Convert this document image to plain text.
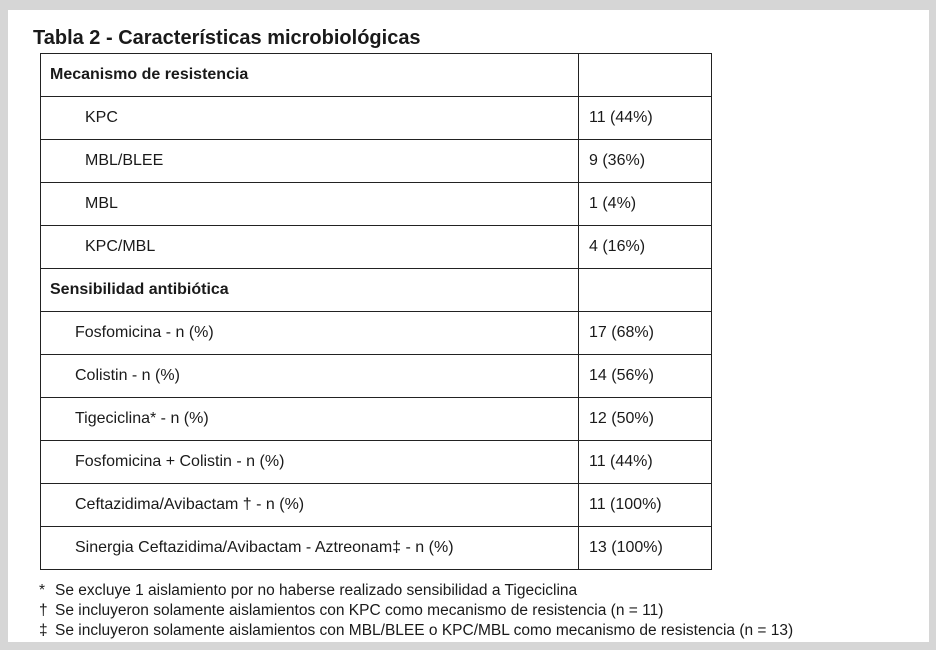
Tabla 2 - Características microbiológicas
Mecanismo de resistencia	
KPC	11 (44%)
MBL/BLEE	9 (36%)
MBL	1 (4%)
KPC/MBL	4 (16%)
Sensibilidad antibiótica	
Fosfomicina - n (%)	17 (68%)
Colistin - n (%)	14 (56%)
Tigeciclina* - n (%)	12 (50%)
Fosfomicina + Colistin - n (%)	11 (44%)
Ceftazidima/Avibactam † - n (%)	11 (100%)
Sinergia Ceftazidima/Avibactam - Aztreonam‡ - n (%)	13 (100%)
* Se excluye 1 aislamiento por no haberse realizado sensibilidad a Tigeciclina
† Se incluyeron solamente aislamientos con KPC como mecanismo de resistencia (n = 11)
‡ Se incluyeron solamente aislamientos con MBL/BLEE o KPC/MBL como mecanismo de resistencia (n = 13)
